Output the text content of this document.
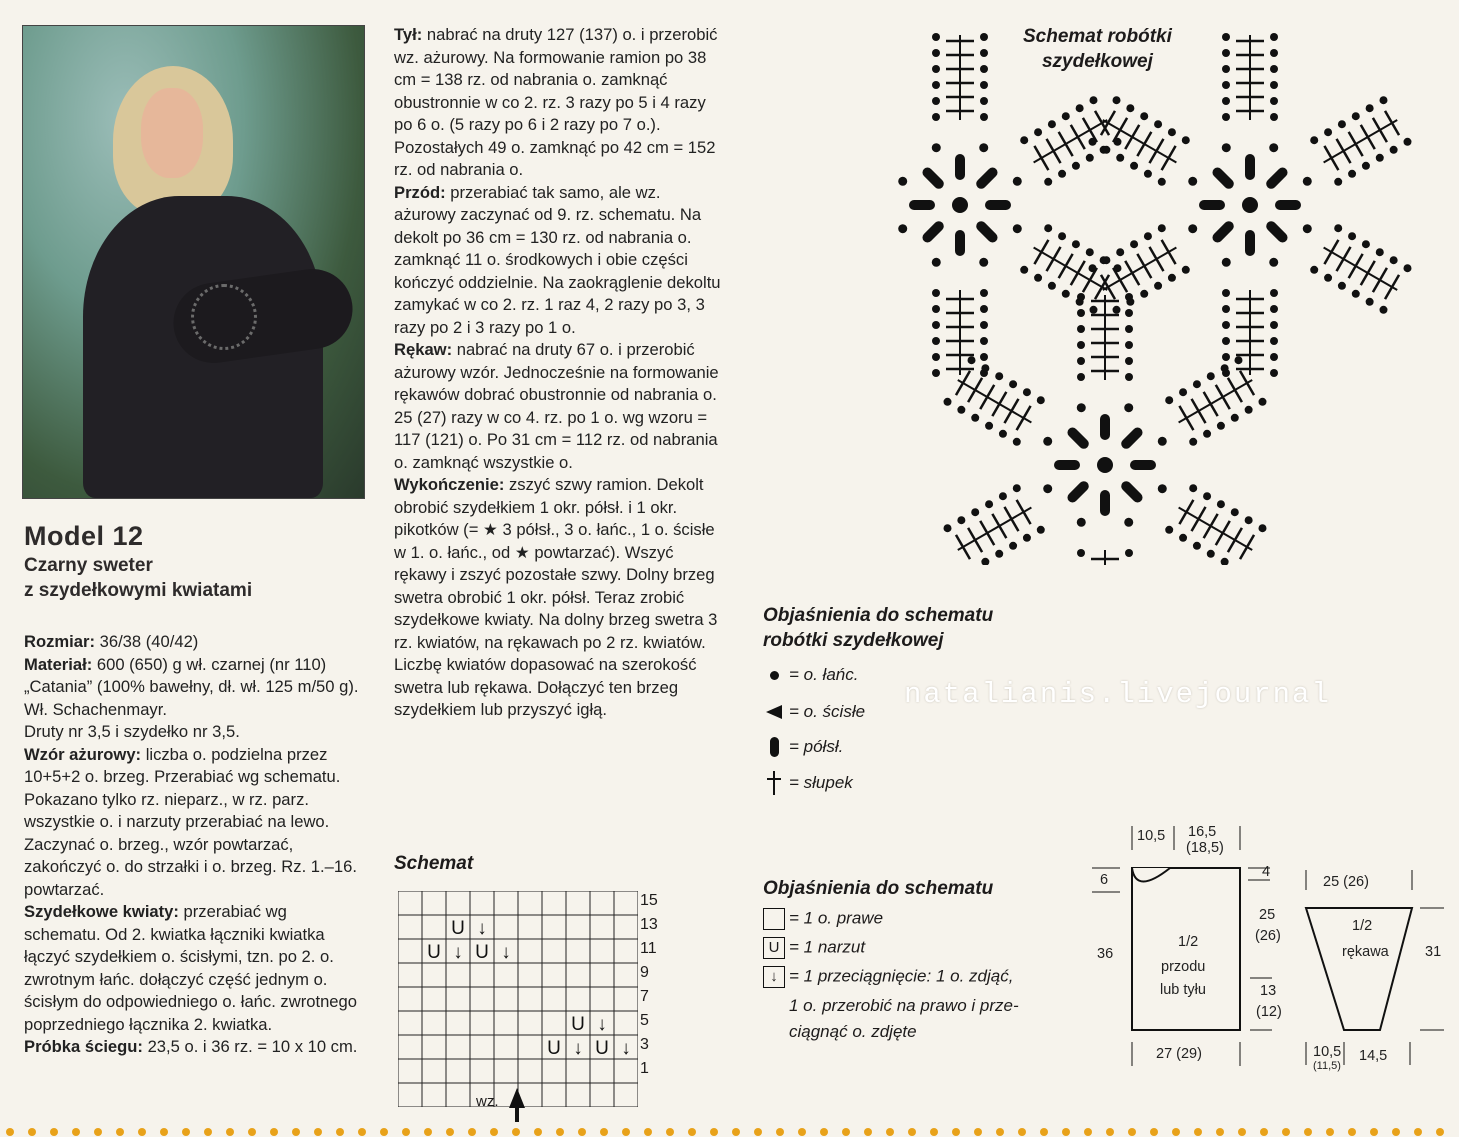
Model 12
Czarny sweter
z szydełkowymi kwiatami

Rozmiar: 36/38 (40/42)

Materiał: 600 (650) g wł. czarnej (nr 110) „Catania” (100% bawełny, dł. wł. 125 m/50 g). Wł. Schachenmayr.

Druty nr 3,5 i szydełko nr 3,5.

Wzór ażurowy: liczba o. podzielna przez 10+5+2 o. brzeg. Przerabiać wg schematu. Pokazano tylko rz. nieparz., w rz. parz. wszystkie o. i narzuty przerabiać na lewo. Zaczynać o. brzeg., wzór powtarzać, zakończyć o. do strzałki i o. brzeg. Rz. 1.–16. powtarzać.

Szydełkowe kwiaty: przerabiać wg schematu. Od 2. kwiatka łączniki kwiatka łączyć szydełkiem o. ścisłymi, tzn. po 2. o. zwrotnym łańc. dołączyć część jednym o. ścisłym do odpowiedniego o. łańc. zwrotnego poprzedniego łącznika 2. kwiatka.

Próbka ściegu: 23,5 o. i 36 rz. = 10 x 10 cm.

Tył: nabrać na druty 127 (137) o. i przerobić wz. ażurowy. Na formowanie ramion po 38 cm = 138 rz. od nabrania o. zamknąć obustronnie w co 2. rz. 3 razy po 5 i 4 razy po 6 o. (5 razy po 6 i 2 razy po 7 o.). Pozostałych 49 o. zamknąć po 42 cm = 152 rz. od nabrania o.

Przód: przerabiać tak samo, ale wz. ażurowy zaczynać od 9. rz. schematu. Na dekolt po 36 cm = 130 rz. od nabrania o. zamknąć 11 o. środkowych i obie części kończyć oddzielnie. Na zaokrąglenie dekoltu zamykać w co 2. rz. 1 raz 4, 2 razy po 3, 3 razy po 2 i 3 razy po 1 o.

Rękaw: nabrać na druty 67 o. i przerobić ażurowy wzór. Jednocześnie na formowanie rękawów dobrać obustronnie od nabrania o. 25 (27) razy w co 4. rz. po 1 o. wg wzoru = 117 (121) o. Po 31 cm = 112 rz. od nabrania o. zamknąć wszystkie o.

Wykończenie: zszyć szwy ramion. Dekolt obrobić szydełkiem 1 okr. półsł. i 1 okr. pikotków (= ★ 3 półsł., 3 o. łańc., 1 o. ścisłe w 1. o. łańc., od ★ powtarzać). Wszyć rękawy i zszyć pozostałe szwy. Dolny brzeg swetra obrobić 1 okr. półsł. Teraz zrobić szydełkowe kwiaty. Na dolny brzeg swetra 3 rz. kwiatów, na rękawach po 2 rz. kwiatów. Liczbę kwiatów dopasować na szerokość swetra lub rękawa. Dołączyć ten brzeg szydełkiem lub przyszyć igłą.

Schemat
U ↓
U ↓ U ↓
U ↓
U ↓ U ↓
15
13
11
9
7
5
3
1
wz.
Schemat robótki
szydełkowej
Objaśnienia do schematu
robótki szydełkowej
= o. łańc.
= o. ścisłe
= półsł.
= słupek
natalianis.livejournal
Objaśnienia do schematu
= 1 o. prawe
U = 1 narzut
↓ = 1 przeciągnięcie: 1 o. zdjąć,
1 o. przerobić na prawo i prze-
ciągnąć o. zdjęte
10,5 16,5
(18,5)
6	4
36
1/2
przodu
lub tyłu
25
(26)
13
(12)
27 (29)
25 (26)
1/2
rękawa	31
10,5
(11,5)
14,5
